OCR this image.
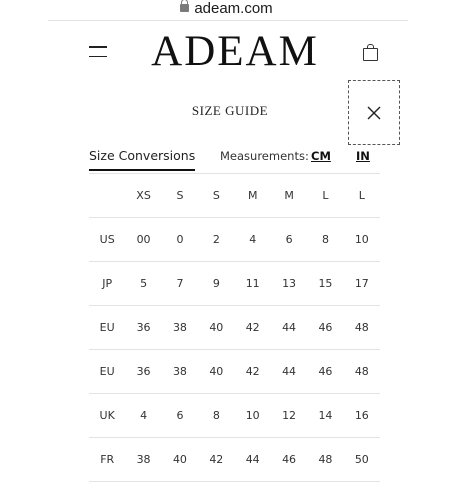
adeam.com
ADEAM
SIZE GUIDE
Size Conversions Measurements: CM IN
	XS	S	S	M	M	L	L
US	00	0	2	4	6	8	10
JP	5	7	9	11	13	15	17
EU	36	38	40	42	44	46	48
EU	36	38	40	42	44	46	48
UK	4	6	8	10	12	14	16
FR	38	40	42	44	46	48	50
